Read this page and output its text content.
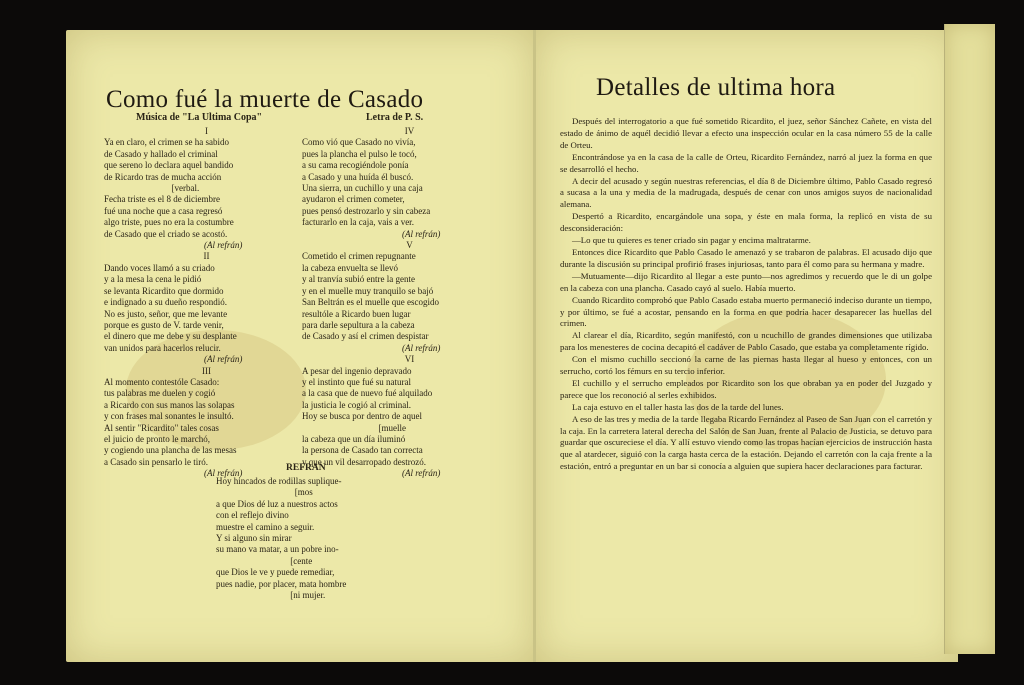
Como fué la muerte de Casado
Música de "La Ultima Copa"	Letra de P. S.
I
Ya en claro, el crimen se ha sabido
de Casado y hallado el criminal
que sereno lo declara aquel bandido
de Ricardo tras de mucha acción
[verbal.
Fecha triste es el 8 de diciembre
fué una noche que a casa regresó
algo triste, pues no era la costumbre
de Casado que el criado se acostó.
(Al refrán)
II
Dando voces llamó a su criado
y a la mesa la cena le pidió
se levanta Ricardito que dormido
e indignado a su dueño respondió.
No es justo, señor, que me levante
porque es gusto de V. tarde venir,
el dinero que me debe y su desplante
van unidos para hacerlos relucir.
(Al refrán)
III
Al momento contestóle Casado:
tus palabras me duelen y cogió
a Ricardo con sus manos las solapas
y con frases mal sonantes le insultó.
Al sentir "Ricardito" tales cosas
el juicio de pronto le marchó,
y cogiendo una plancha de las mesas
a Casado sin pensarlo le tiró.
(Al refrán)
IV
Como vió que Casado no vivía,
pues la plancha el pulso le tocó,
a su cama recogiéndole ponía
a Casado y una huída él buscó.
Una sierra, un cuchillo y una caja
ayudaron el crimen cometer,
pues pensó destrozarlo y sin cabeza
facturarlo en la caja, vais a ver.
(Al refrán)
V
Cometido el crimen repugnante
la cabeza envuelta se llevó
y al tranvía subió entre la gente
y en el muelle muy tranquilo se bajó
San Beltrán es el muelle que escogido
resultóle a Ricardo buen lugar
para darle sepultura a la cabeza
de Casado y así el crimen despistar
(Al refrán)
VI
A pesar del ingenio depravado
y el instinto que fué su natural
a la casa que de nuevo fué alquilado
la justicia le cogió al criminal.
Hoy se busca por dentro de aquel
[muelle
la cabeza que un día iluminó
la persona de Casado tan correcta
y que un vil desarropado destrozó.
(Al refrán)
REFRAN
Hoy hincados de rodillas suplique-
[mos
a que Dios dé luz a nuestros actos
con el reflejo divino
muestre el camino a seguir.
Y si alguno sin mirar
su mano va matar, a un pobre ino-
[cente
que Dios le ve y puede remediar,
pues nadie, por placer, mata hombre
[ni mujer.
Detalles de ultima hora

Después del interrogatorio a que fué sometido Ricardito, el juez, señor Sánchez Cañete, en vista del estado de ánimo de aquél decidió llevar a efecto una inspección ocular en la casa número 55 de la calle de Orteu.

Encontrándose ya en la casa de la calle de Orteu, Ricardito Fernández, narró al juez la forma en que se desarrolló el hecho.

A decir del acusado y según nuestras referencias, el día 8 de Diciembre último, Pablo Casado regresó a sucasa a la una y media de la madrugada, después de cenar con unos amigos suyos de nacionalidad alemana.

Despertó a Ricardito, encargándole una sopa, y éste en mala forma, la replicó en vista de su desconsideración:

—Lo que tu quieres es tener criado sin pagar y encima maltratarme.

Entonces dice Ricardito que Pablo Casado le amenazó y se trabaron de palabras. El acusado dijo que durante la discusión su principal profirió frases injuriosas, tanto para él como para su hermana y madre.

—Mutuamente—dijo Ricardito al llegar a este punto—nos agredimos y recuerdo que le di un golpe en la cabeza con una plancha. Casado cayó al suelo. Había muerto.

Cuando Ricardito comprobó que Pablo Casado estaba muerto permaneció indeciso durante un tiempo, y por último, se fué a acostar, pensando en la forma en que podría hacer desaparecer las huellas del crimen.

Al clarear el día, Ricardito, según manifestó, con u ncuchillo de grandes dimensiones que utilizaba para los menesteres de cocina decapitó el cadáver de Pablo Casado, que estaba ya completamente rígido.

Con el mismo cuchillo seccionó la carne de las piernas hasta llegar al hueso y entonces, con un serrucho, cortó los fémurs en su tercio inferior.

El cuchillo y el serrucho empleados por Ricardito son los que obraban ya en poder del Juzgado y parece que los reconoció al serles exhibidos.

La caja estuvo en el taller hasta las dos de la tarde del lunes.

A eso de las tres y media de la tarde llegaba Ricardo Fernández al Paseo de San Juan con el carretón y la caja. En la carretera lateral derecha del Salón de San Juan, frente al Palacio de Justicia, se detuvo para guardar que oscureciese el día. Y allí estuvo viendo como las tropas hacían ejercicios de instrucción hasta que al atardecer, siguió con la carga hasta cerca de la estación. Dejando el carretón con la caja frente a la estación, entró a preguntar en un bar si conocía a alguien que supiera hacer declaraciones para facturar.
